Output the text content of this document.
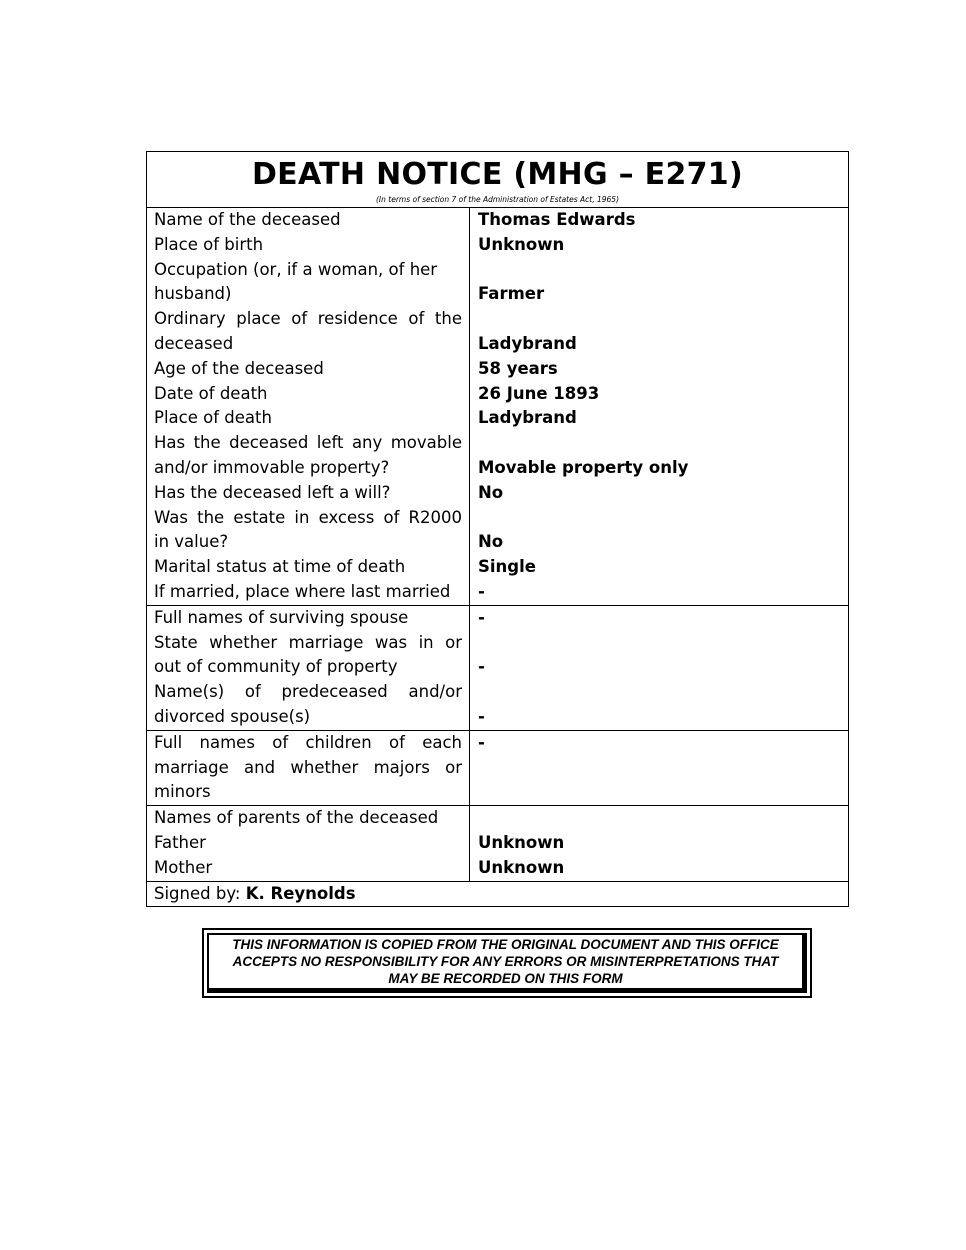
DEATH NOTICE (MHG – E271)
(In terms of section 7 of the Administration of Estates Act, 1965)
Name of the deceased
Place of birth
Occupation (or, if a woman, of her
husband)
Ordinary place of residence of the
deceased
Age of the deceased
Date of death
Place of death
Has the deceased left any movable
and/or immovable property?
Has the deceased left a will?
Was the estate in excess of R2000
in value?
Marital status at time of death
If married, place where last married
Thomas Edwards
Unknown
Farmer
Ladybrand
58 years
26 June 1893
Ladybrand
Movable property only
No
No
Single
-
Full names of surviving spouse
State whether marriage was in or
out of community of property
Name(s) of predeceased and/or
divorced spouse(s)
-
-
-
Full names of children of each
marriage and whether majors or
minors
-
Names of parents of the deceased
Father
Mother
Unknown
Unknown
Signed by: K. Reynolds
THIS INFORMATION IS COPIED FROM THE ORIGINAL DOCUMENT AND THIS OFFICE ACCEPTS NO RESPONSIBILITY FOR ANY ERRORS OR MISINTERPRETATIONS THAT MAY BE RECORDED ON THIS FORM
